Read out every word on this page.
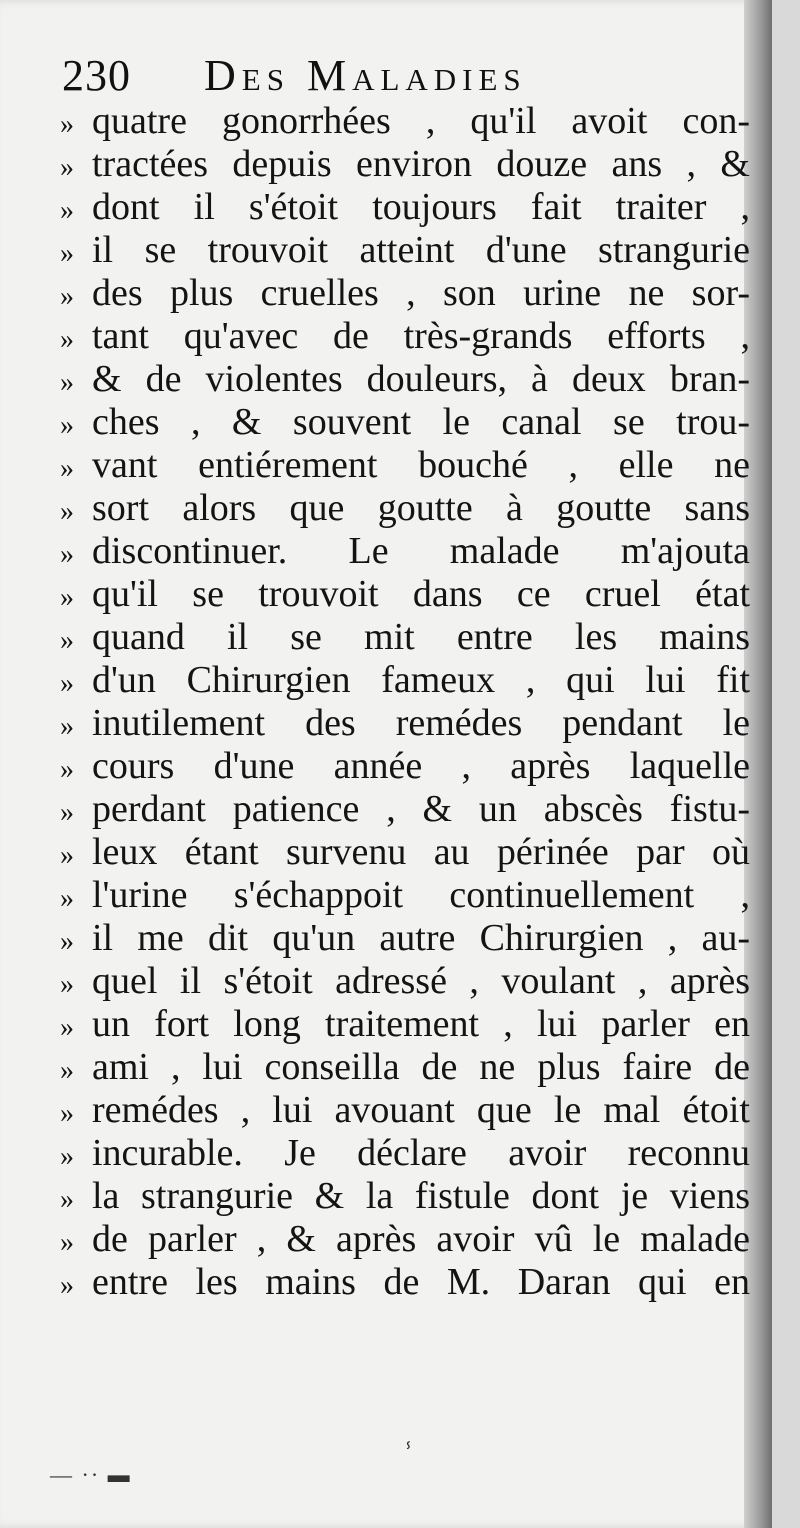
230 Des Maladies
» quatre gonorrhées , qu'il avoit con-
» tractées depuis environ douze ans , &
» dont il s'étoit toujours fait traiter ,
» il se trouvoit atteint d'une strangurie
» des plus cruelles , son urine ne sor-
» tant qu'avec de très-grands efforts ,
» & de violentes douleurs, à deux bran-
» ches , & souvent le canal se trou-
» vant entiérement bouché , elle ne
» sort alors que goutte à goutte sans
» discontinuer. Le malade m'ajouta
» qu'il se trouvoit dans ce cruel état
» quand il se mit entre les mains
» d'un Chirurgien fameux , qui lui fit
» inutilement des remédes pendant le
» cours d'une année , après laquelle
» perdant patience , & un abscès fistu-
» leux étant survenu au périnée par où
» l'urine s'échappoit continuellement ,
» il me dit qu'un autre Chirurgien , au-
» quel il s'étoit adressé , voulant , après
» un fort long traitement , lui parler en
» ami , lui conseilla de ne plus faire de
» remédes , lui avouant que le mal étoit
» incurable. Je déclare avoir reconnu
» la strangurie & la fistule dont je viens
» de parler , & après avoir vû le malade
» entre les mains de M. Daran qui en
ⸯ
— ·· ▬
